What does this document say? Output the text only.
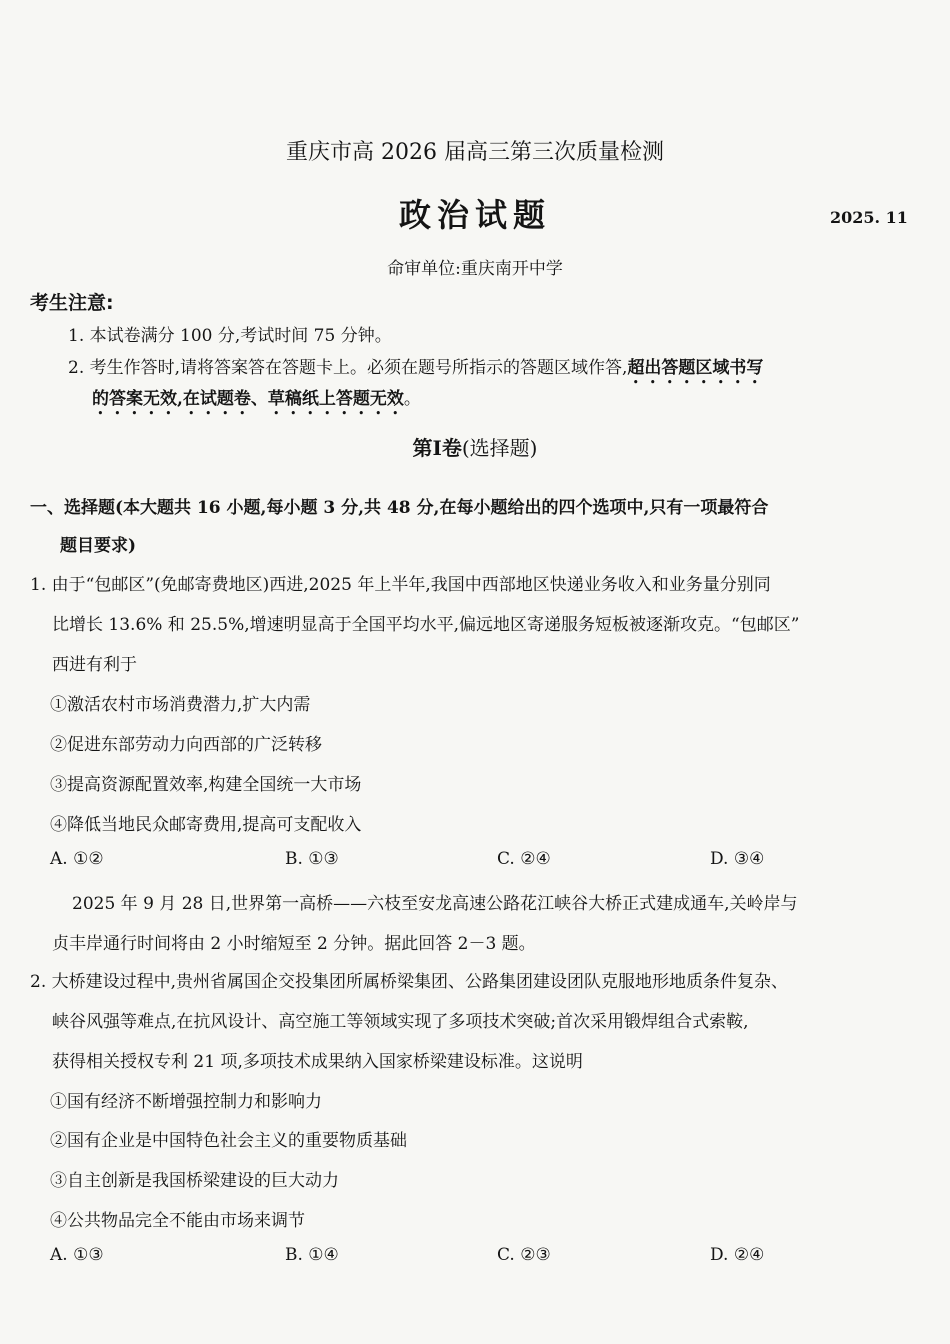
重庆市高 2026 届高三第三次质量检测
政治试题	2025. 11
命审单位:重庆南开中学
考生注意:
1. 本试卷满分 100 分,考试时间 75 分钟。
2. 考生作答时,请将答案答在答题卡上。必须在题号所指示的答题区域作答,超出答题区域书写
的答案无效,在试题卷、草稿纸上答题无效。
第Ⅰ卷(选择题)
一、选择题(本大题共 16 小题,每小题 3 分,共 48 分,在每小题给出的四个选项中,只有一项最符合
题目要求)
1. 由于“包邮区”(免邮寄费地区)西进,2025 年上半年,我国中西部地区快递业务收入和业务量分别同
比增长 13.6% 和 25.5%,增速明显高于全国平均水平,偏远地区寄递服务短板被逐渐攻克。“包邮区”
西进有利于
①激活农村市场消费潜力,扩大内需
②促进东部劳动力向西部的广泛转移
③提高资源配置效率,构建全国统一大市场
④降低当地民众邮寄费用,提高可支配收入
A. ①②	B. ①③	C. ②④	D. ③④
2025 年 9 月 28 日,世界第一高桥——六枝至安龙高速公路花江峡谷大桥正式建成通车,关岭岸与
贞丰岸通行时间将由 2 小时缩短至 2 分钟。据此回答 2－3 题。
2. 大桥建设过程中,贵州省属国企交投集团所属桥梁集团、公路集团建设团队克服地形地质条件复杂、
峡谷风强等难点,在抗风设计、高空施工等领域实现了多项技术突破;首次采用锻焊组合式索鞍,
获得相关授权专利 21 项,多项技术成果纳入国家桥梁建设标准。这说明
①国有经济不断增强控制力和影响力
②国有企业是中国特色社会主义的重要物质基础
③自主创新是我国桥梁建设的巨大动力
④公共物品完全不能由市场来调节
A. ①③	B. ①④	C. ②③	D. ②④
